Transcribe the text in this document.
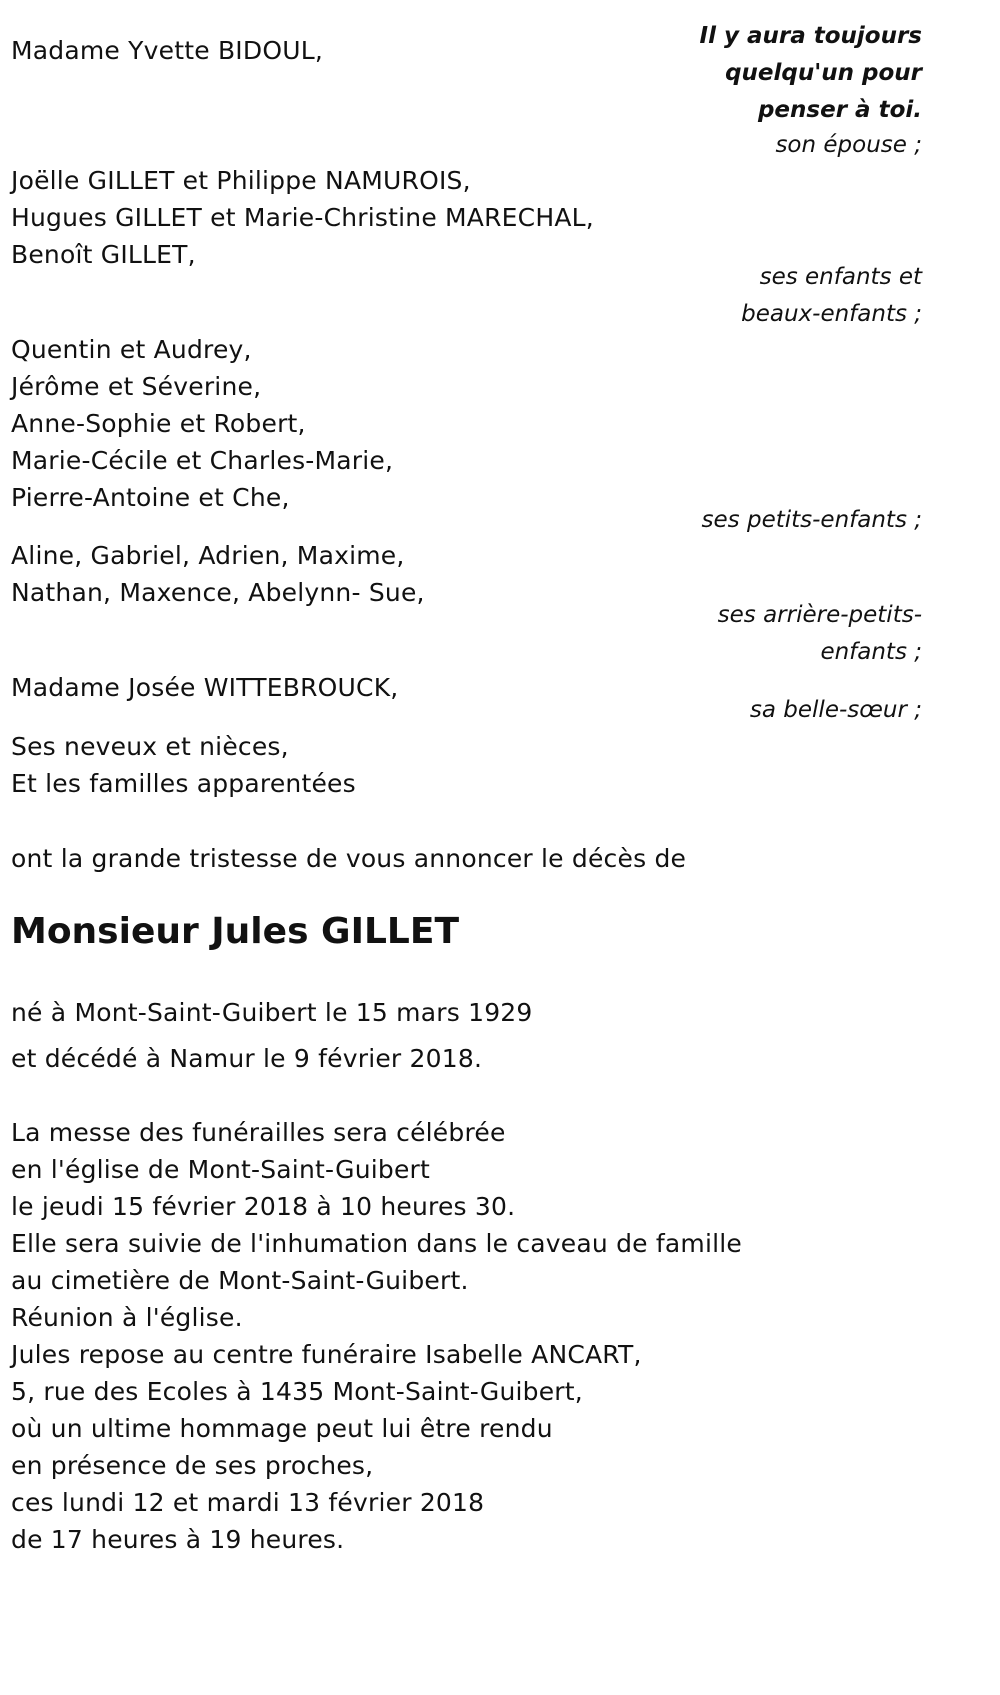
Il y aura toujours
quelqu'un pour
penser à toi.
Madame Yvette BIDOUL,
son épouse ;
Joëlle GILLET et Philippe NAMUROIS,
Hugues GILLET et Marie-Christine MARECHAL,
Benoît GILLET,
ses enfants et
beaux-enfants ;
Quentin et Audrey,
Jérôme et Séverine,
Anne-Sophie et Robert,
Marie-Cécile et Charles-Marie,
Pierre-Antoine et Che,
ses petits-enfants ;
Aline, Gabriel, Adrien, Maxime,
Nathan, Maxence, Abelynn- Sue,
ses arrière-petits-
enfants ;
Madame Josée WITTEBROUCK,
sa belle-sœur ;
Ses neveux et nièces,
Et les familles apparentées
ont la grande tristesse de vous annoncer le décès de
Monsieur Jules GILLET
né à Mont-Saint-Guibert le 15 mars 1929
et décédé à Namur le 9 février 2018.
La messe des funérailles sera célébrée
en l'église de Mont-Saint-Guibert
le jeudi 15 février 2018 à 10 heures 30.
Elle sera suivie de l'inhumation dans le caveau de famille
au cimetière de Mont-Saint-Guibert.
Réunion à l'église.
Jules repose au centre funéraire Isabelle ANCART,
5, rue des Ecoles à 1435 Mont-Saint-Guibert,
où un ultime hommage peut lui être rendu
en présence de ses proches,
ces lundi 12 et mardi 13 février 2018
de 17 heures à 19 heures.
